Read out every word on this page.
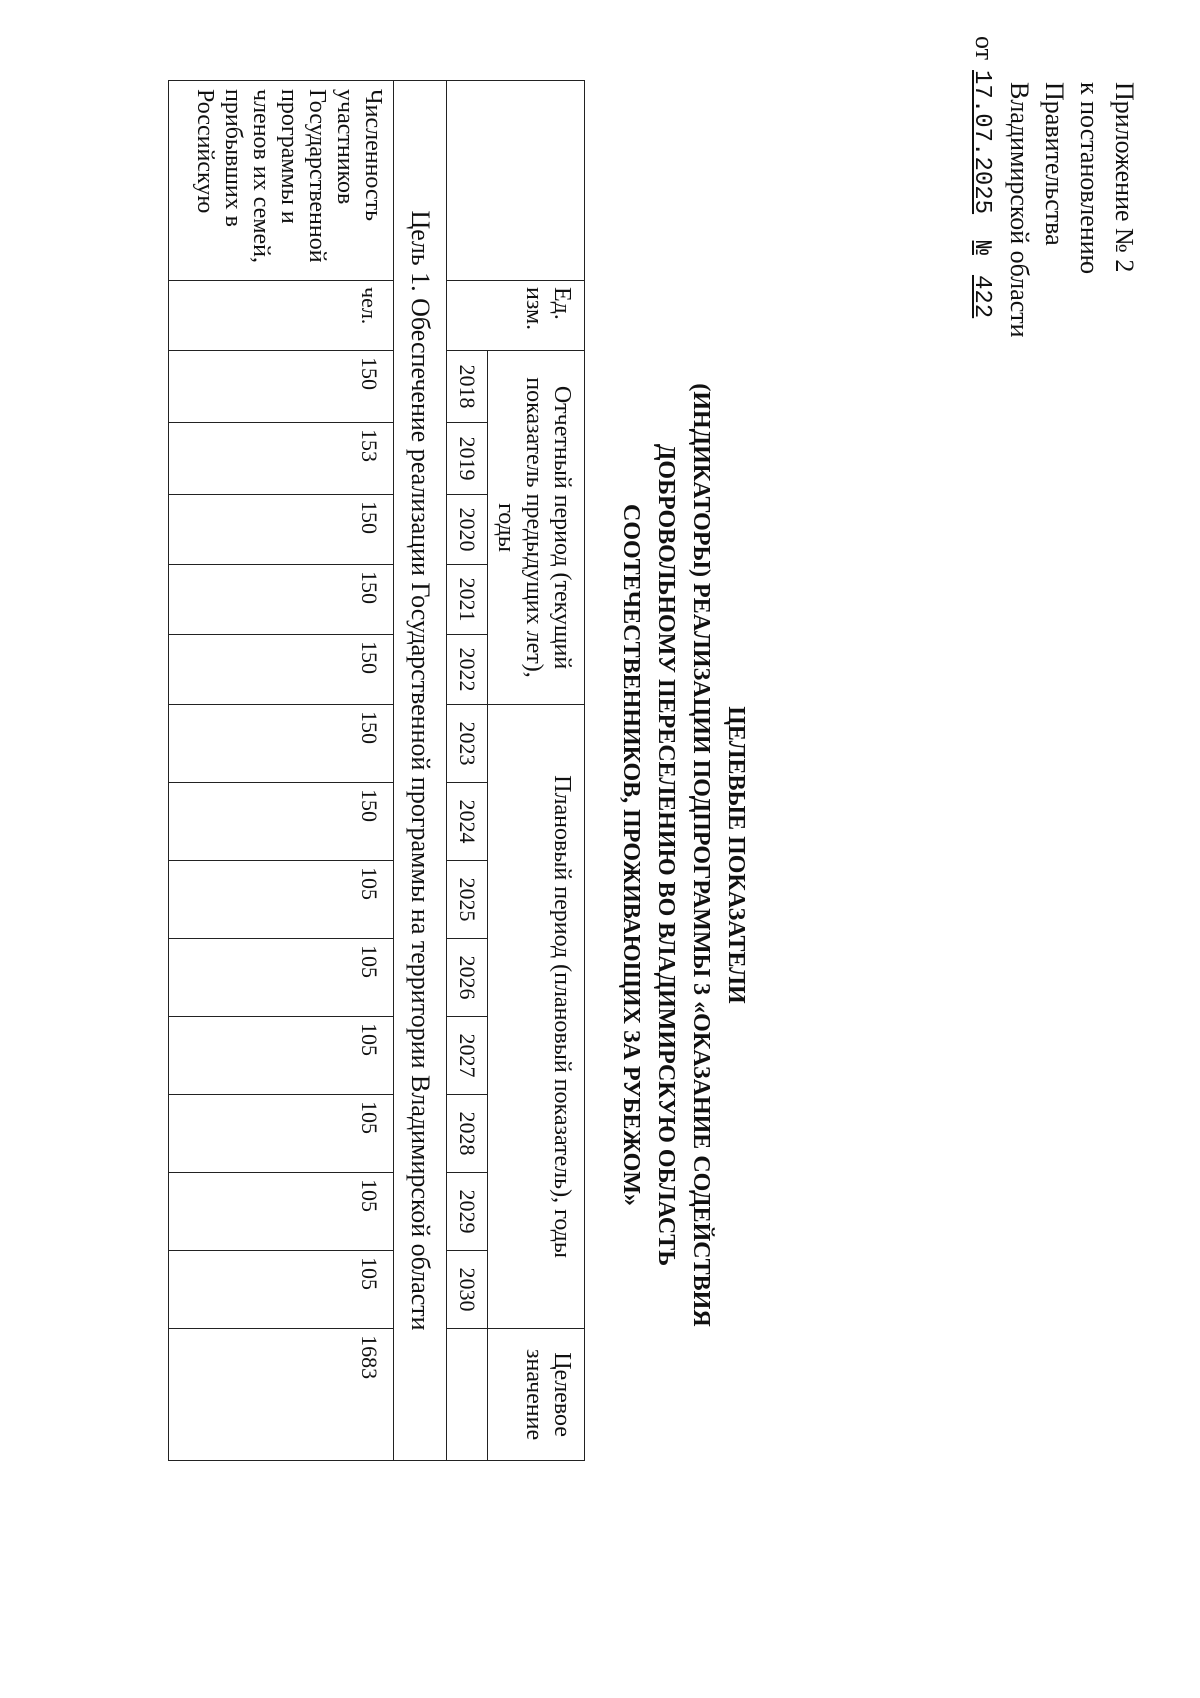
Приложение № 2
к постановлению
Правительства
Владимирской области
от17.07.2025 №422
ЦЕЛЕВЫЕ ПОКАЗАТЕЛИ
(ИНДИКАТОРЫ) РЕАЛИЗАЦИИ ПОДПРОГРАММЫ 3 «ОКАЗАНИЕ СОДЕЙСТВИЯ
ДОБРОВОЛЬНОМУ ПЕРЕСЕЛЕНИЮ ВО ВЛАДИМИРСКУЮ ОБЛАСТЬ
СООТЕЧЕСТВЕННИКОВ, ПРОЖИВАЮЩИХ ЗА РУБЕЖОМ»
	Ед. изм.	Отчетный период (текущий показатель предыдущих лет), годы					Плановый период (плановый показатель), годы								Целевое значение
		2018	2019	2020	2021	2022	2023	2024	2025	2026	2027	2028	2029	2030	
Цель 1. Обеспечение реализации Государственной программы на территории Владимирской области															
Численность участников Государственной программы и членов их семей, прибывших в Российскую	чел.	150	153	150	150	150	150	150	105	105	105	105	105	105	1683
